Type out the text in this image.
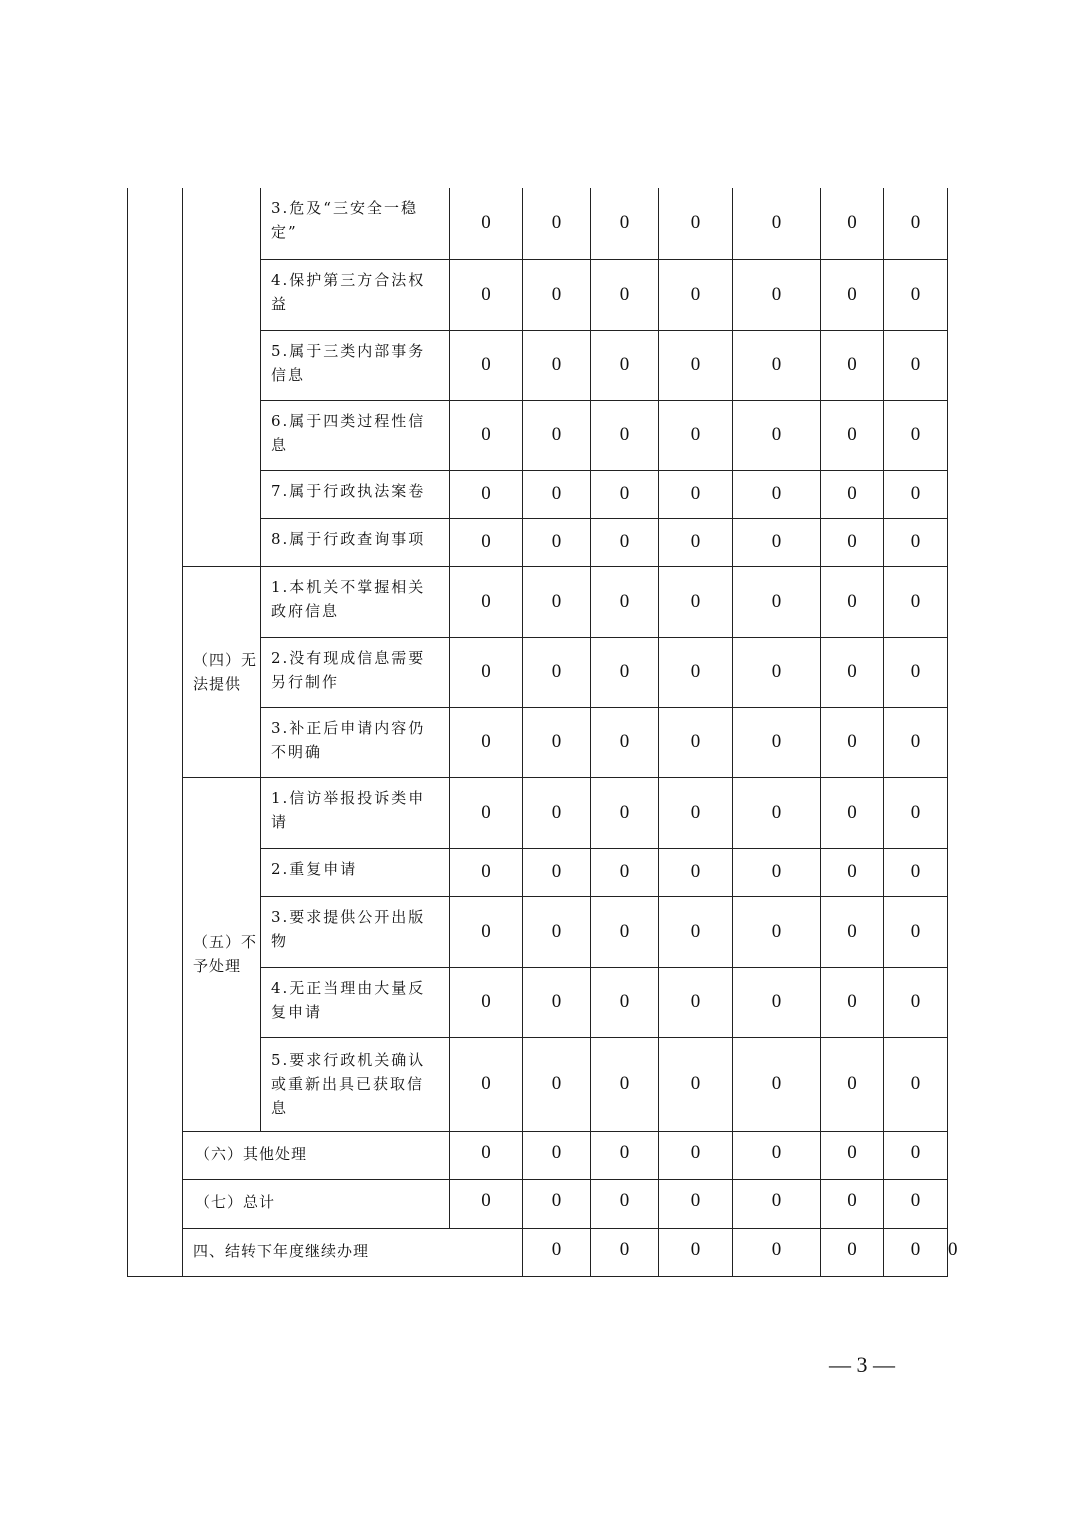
		3.危及“三安全一稳定”	0	0	0	0	0	0	0	
		4.保护第三方合法权益	0	0	0	0	0	0	0	
		5.属于三类内部事务信息	0	0	0	0	0	0	0	
		6.属于四类过程性信息	0	0	0	0	0	0	0	
		7.属于行政执法案卷	0	0	0	0	0	0	0	
		8.属于行政查询事项	0	0	0	0	0	0	0	
	（四）无法提供	1.本机关不掌握相关政府信息	0	0	0	0	0	0	0	
		2.没有现成信息需要另行制作	0	0	0	0	0	0	0	
		3.补正后申请内容仍不明确	0	0	0	0	0	0	0	
	（五）不予处理	1.信访举报投诉类申请	0	0	0	0	0	0	0	
		2.重复申请	0	0	0	0	0	0	0	
		3.要求提供公开出版物	0	0	0	0	0	0	0	
		4.无正当理由大量反复申请	0	0	0	0	0	0	0	
		5.要求行政机关确认或重新出具已获取信息	0	0	0	0	0	0	0	
	（六）其他处理		0	0	0	0	0	0	0	
	（七）总计		0	0	0	0	0	0	0	
	四、结转下年度继续办理			0	0	0	0	0	0	0
— 3 —
